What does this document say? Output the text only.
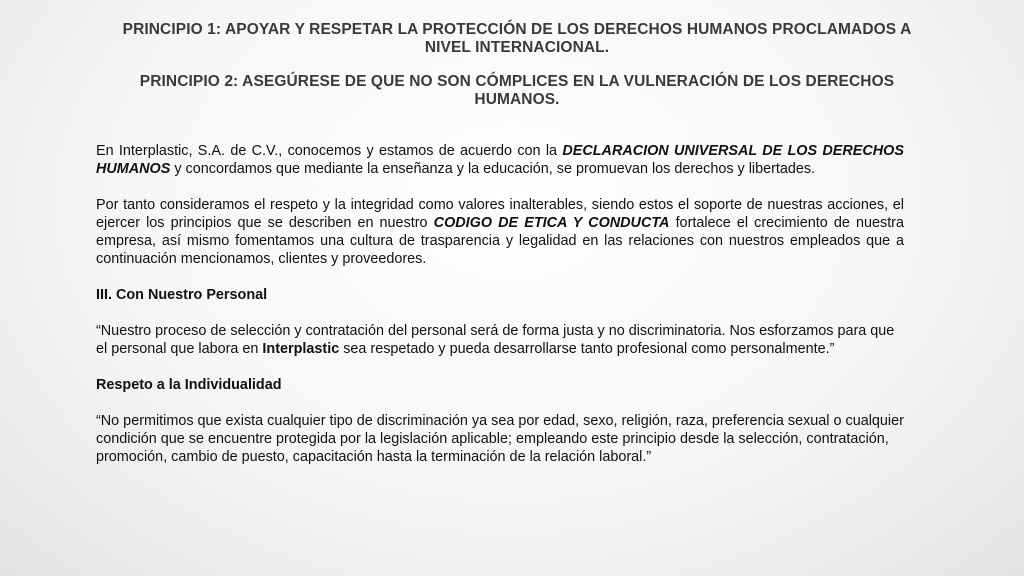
PRINCIPIO 1: APOYAR Y RESPETAR LA PROTECCIÓN DE LOS DERECHOS HUMANOS PROCLAMADOS A NIVEL INTERNACIONAL.
PRINCIPIO 2: ASEGÚRESE DE QUE NO SON CÓMPLICES EN LA VULNERACIÓN DE LOS DERECHOS HUMANOS.

En Interplastic, S.A. de C.V., conocemos y estamos de acuerdo con la DECLARACION UNIVERSAL DE LOS DERECHOS HUMANOS y concordamos que mediante la enseñanza y la educación, se promuevan los derechos y libertades.

Por tanto consideramos el respeto y la integridad como valores inalterables, siendo estos el soporte de nuestras acciones, el ejercer los principios que se describen en nuestro CODIGO DE ETICA Y CONDUCTA fortalece el crecimiento de nuestra empresa, así mismo fomentamos una cultura de trasparencia y legalidad en las relaciones con nuestros empleados que a continuación mencionamos, clientes y proveedores.

III. Con Nuestro Personal

“Nuestro proceso de selección y contratación del personal será de forma justa y no discriminatoria. Nos esforzamos para que el personal que labora en Interplastic sea respetado y pueda desarrollarse tanto profesional como personalmente.”

Respeto a la Individualidad

“No permitimos que exista cualquier tipo de discriminación ya sea por edad, sexo, religión, raza, preferencia sexual o cualquier condición que se encuentre protegida por la legislación aplicable; empleando este principio desde la selección, contratación, promoción, cambio de puesto, capacitación hasta la terminación de la relación laboral.”
